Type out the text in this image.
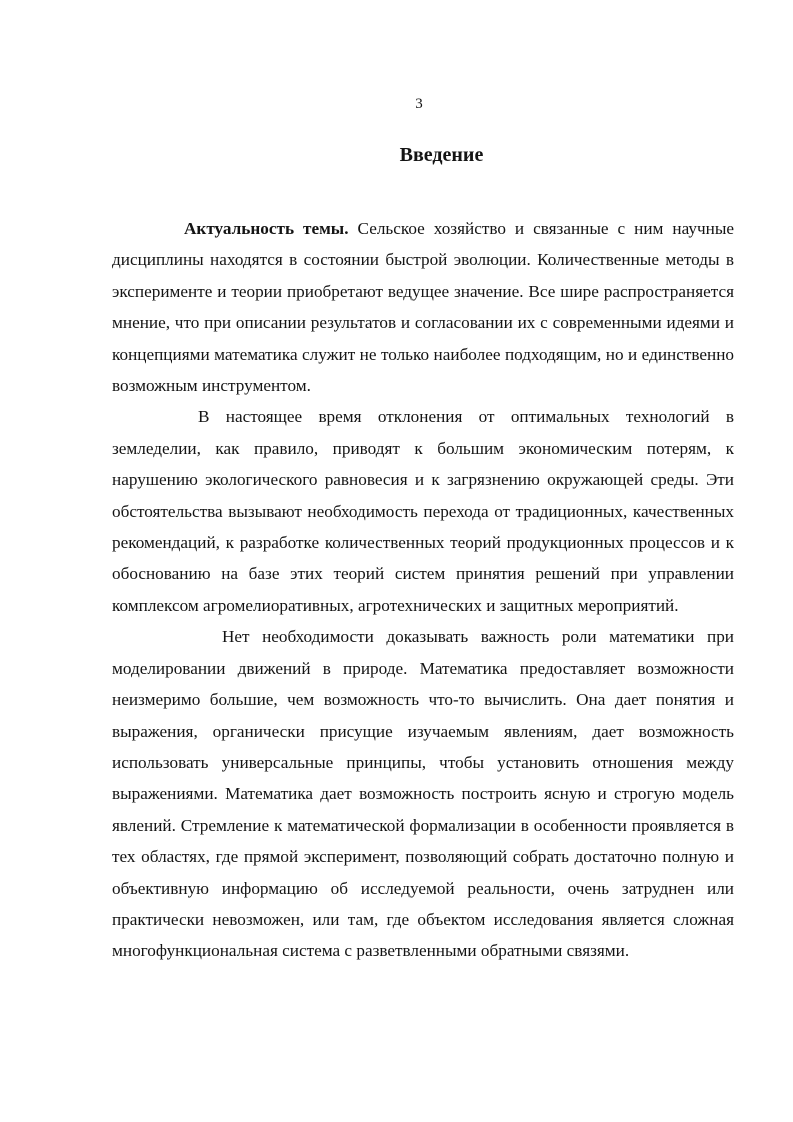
3
Введение

Актуальность темы. Сельское хозяйство и связанные с ним научные дисциплины находятся в состоянии быстрой эволюции. Количественные методы в эксперименте и теории приобретают ведущее значение. Все шире распространяется мнение, что при описании результатов и согласовании их с современными идеями и концепциями математика служит не только наиболее подходящим, но и единственно возможным инструментом.

В настоящее время отклонения от оптимальных технологий в земледелии, как правило, приводят к большим экономическим потерям, к нарушению экологического равновесия и к загрязнению окружающей среды. Эти обстоятельства вызывают необходимость перехода от традиционных, качественных рекомендаций, к разработке количественных теорий продукционных процессов и к обоснованию на базе этих теорий систем принятия решений при управлении комплексом агромелиоративных, агротехнических и защитных мероприятий.

Нет необходимости доказывать важность роли математики при моделировании движений в природе. Математика предоставляет возможности неизмеримо большие, чем возможность что-то вычислить. Она дает понятия и выражения, органически присущие изучаемым явлениям, дает возможность использовать универсальные принципы, чтобы установить отношения между выражениями. Математика дает возможность построить ясную и строгую модель явлений. Стремление к математической формализации в особенности проявляется в тех областях, где прямой эксперимент, позволяющий собрать достаточно полную и объективную информацию об исследуемой реальности, очень затруднен или практически невозможен, или там, где объектом исследования является сложная многофункциональная система с разветвленными обратными связями.
